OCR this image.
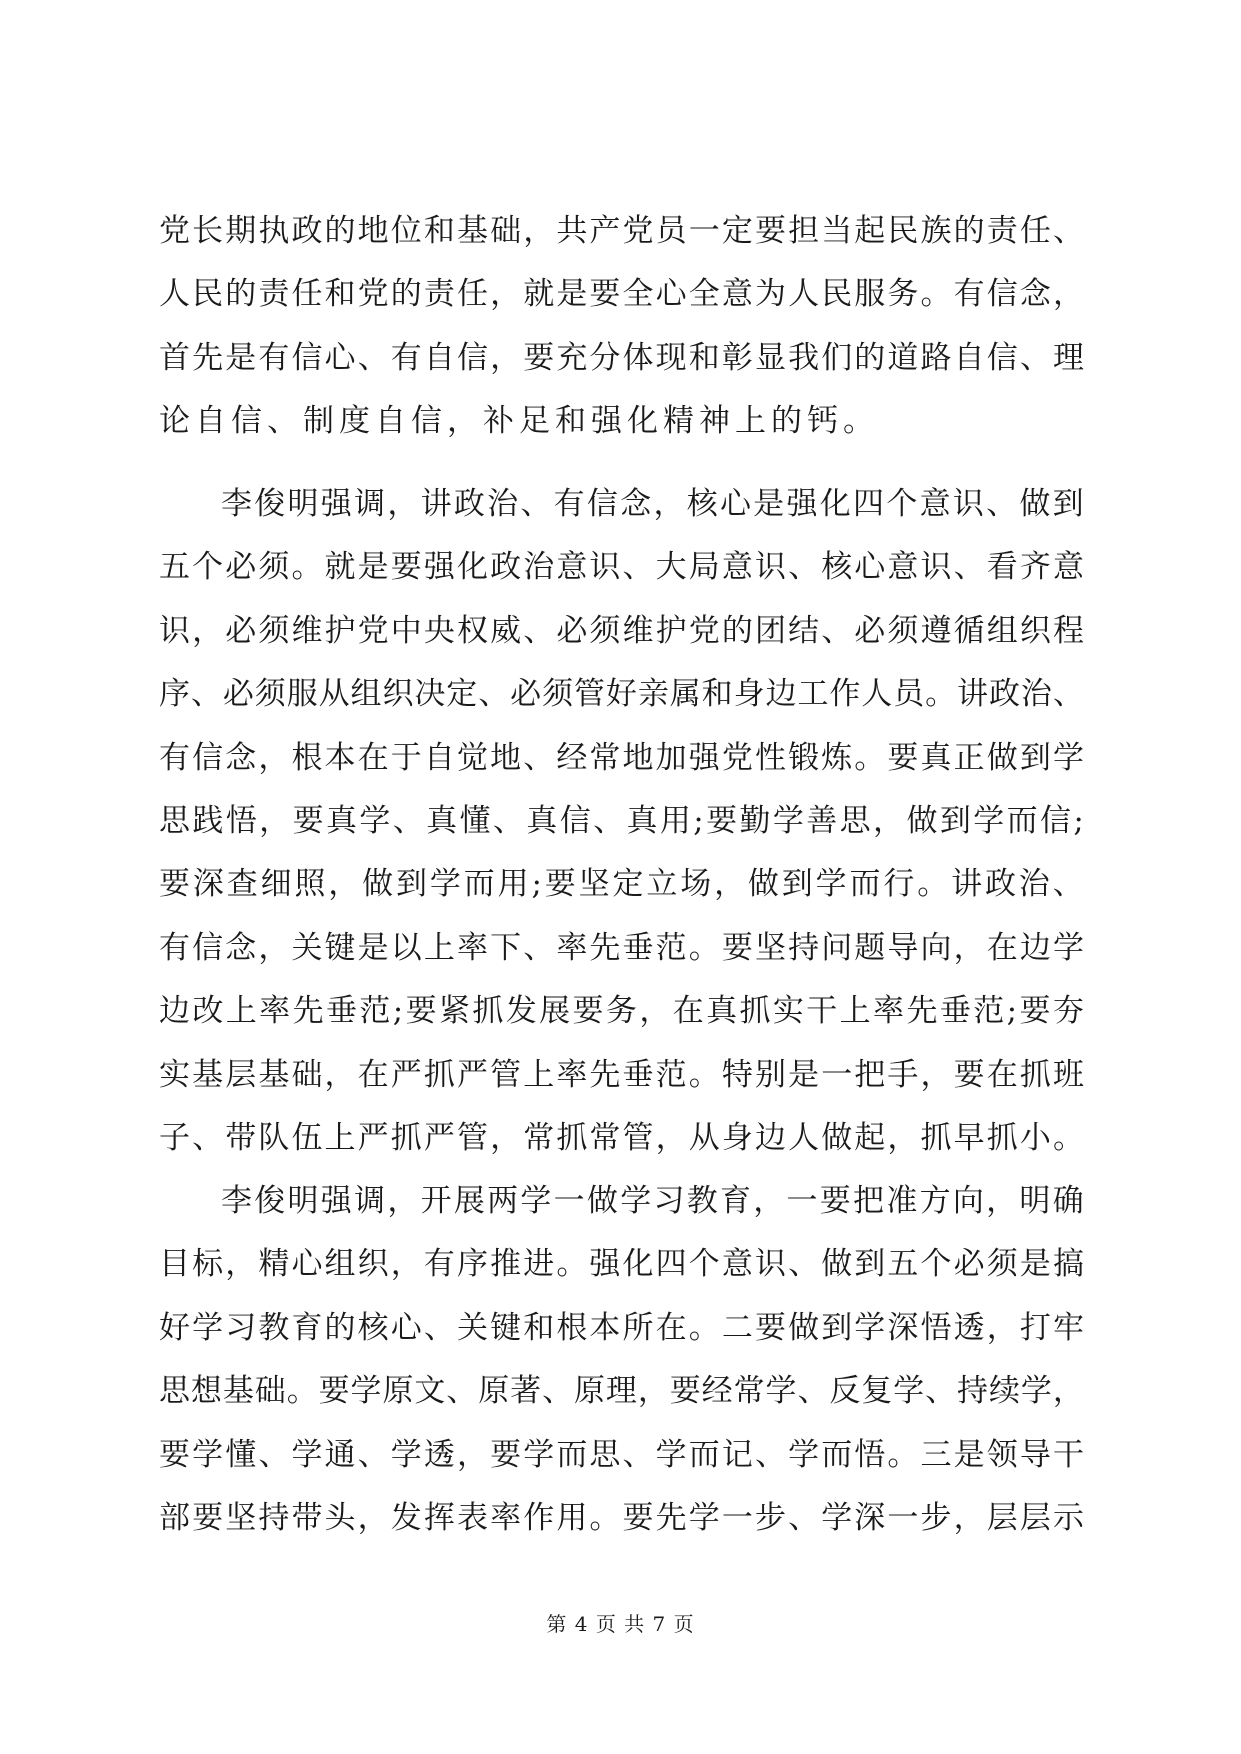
党 长 期 执 政 的 地 位 和 基 础 ， 共 产 党 员 一 定 要 担 当 起 民 族 的 责 任 、
人 民 的 责 任 和 党 的 责 任 ， 就 是 要 全 心 全 意 为 人 民 服 务 。 有 信 念 ，
首 先 是 有 信 心 、 有 自 信 ， 要 充 分 体 现 和 彰 显 我 们 的 道 路 自 信 、 理
论自信、制度自信，补足和强化精神上的钙。
李 俊 明 强 调 ， 讲 政 治 、 有 信 念 ， 核 心 是 强 化 四 个 意 识 、 做 到
五 个 必 须 。 就 是 要 强 化 政 治 意 识 、 大 局 意 识 、 核 心 意 识 、 看 齐 意
识 ， 必 须 维 护 党 中 央 权 威 、 必 须 维 护 党 的 团 结 、 必 须 遵 循 组 织 程
序 、 必 须 服 从 组 织 决 定 、 必 须 管 好 亲 属 和 身 边 工 作 人 员 。 讲 政 治 、
有 信 念 ， 根 本 在 于 自 觉 地 、 经 常 地 加 强 党 性 锻 炼 。 要 真 正 做 到 学
思 践 悟 ， 要 真 学 、 真 懂 、 真 信 、 真 用 ; 要 勤 学 善 思 ， 做 到 学 而 信 ;
要 深 查 细 照 ， 做 到 学 而 用 ; 要 坚 定 立 场 ， 做 到 学 而 行 。 讲 政 治 、
有 信 念 ， 关 键 是 以 上 率 下 、 率 先 垂 范 。 要 坚 持 问 题 导 向 ， 在 边 学
边 改 上 率 先 垂 范 ; 要 紧 抓 发 展 要 务 ， 在 真 抓 实 干 上 率 先 垂 范 ; 要 夯
实 基 层 基 础 ， 在 严 抓 严 管 上 率 先 垂 范 。 特 别 是 一 把 手 ， 要 在 抓 班
子 、 带 队 伍 上 严 抓 严 管 ， 常 抓 常 管 ， 从 身 边 人 做 起 ， 抓 早 抓 小 。
李 俊 明 强 调 ， 开 展 两 学 一 做 学 习 教 育 ， 一 要 把 准 方 向 ， 明 确
目 标 ， 精 心 组 织 ， 有 序 推 进 。 强 化 四 个 意 识 、 做 到 五 个 必 须 是 搞
好 学 习 教 育 的 核 心 、 关 键 和 根 本 所 在 。 二 要 做 到 学 深 悟 透 ， 打 牢
思 想 基 础 。 要 学 原 文 、 原 著 、 原 理 ， 要 经 常 学 、 反 复 学 、 持 续 学 ，
要 学 懂 、 学 通 、 学 透 ， 要 学 而 思 、 学 而 记 、 学 而 悟 。 三 是 领 导 干
部 要 坚 持 带 头 ， 发 挥 表 率 作 用 。 要 先 学 一 步 、 学 深 一 步 ， 层 层 示
第 4 页 共 7 页
